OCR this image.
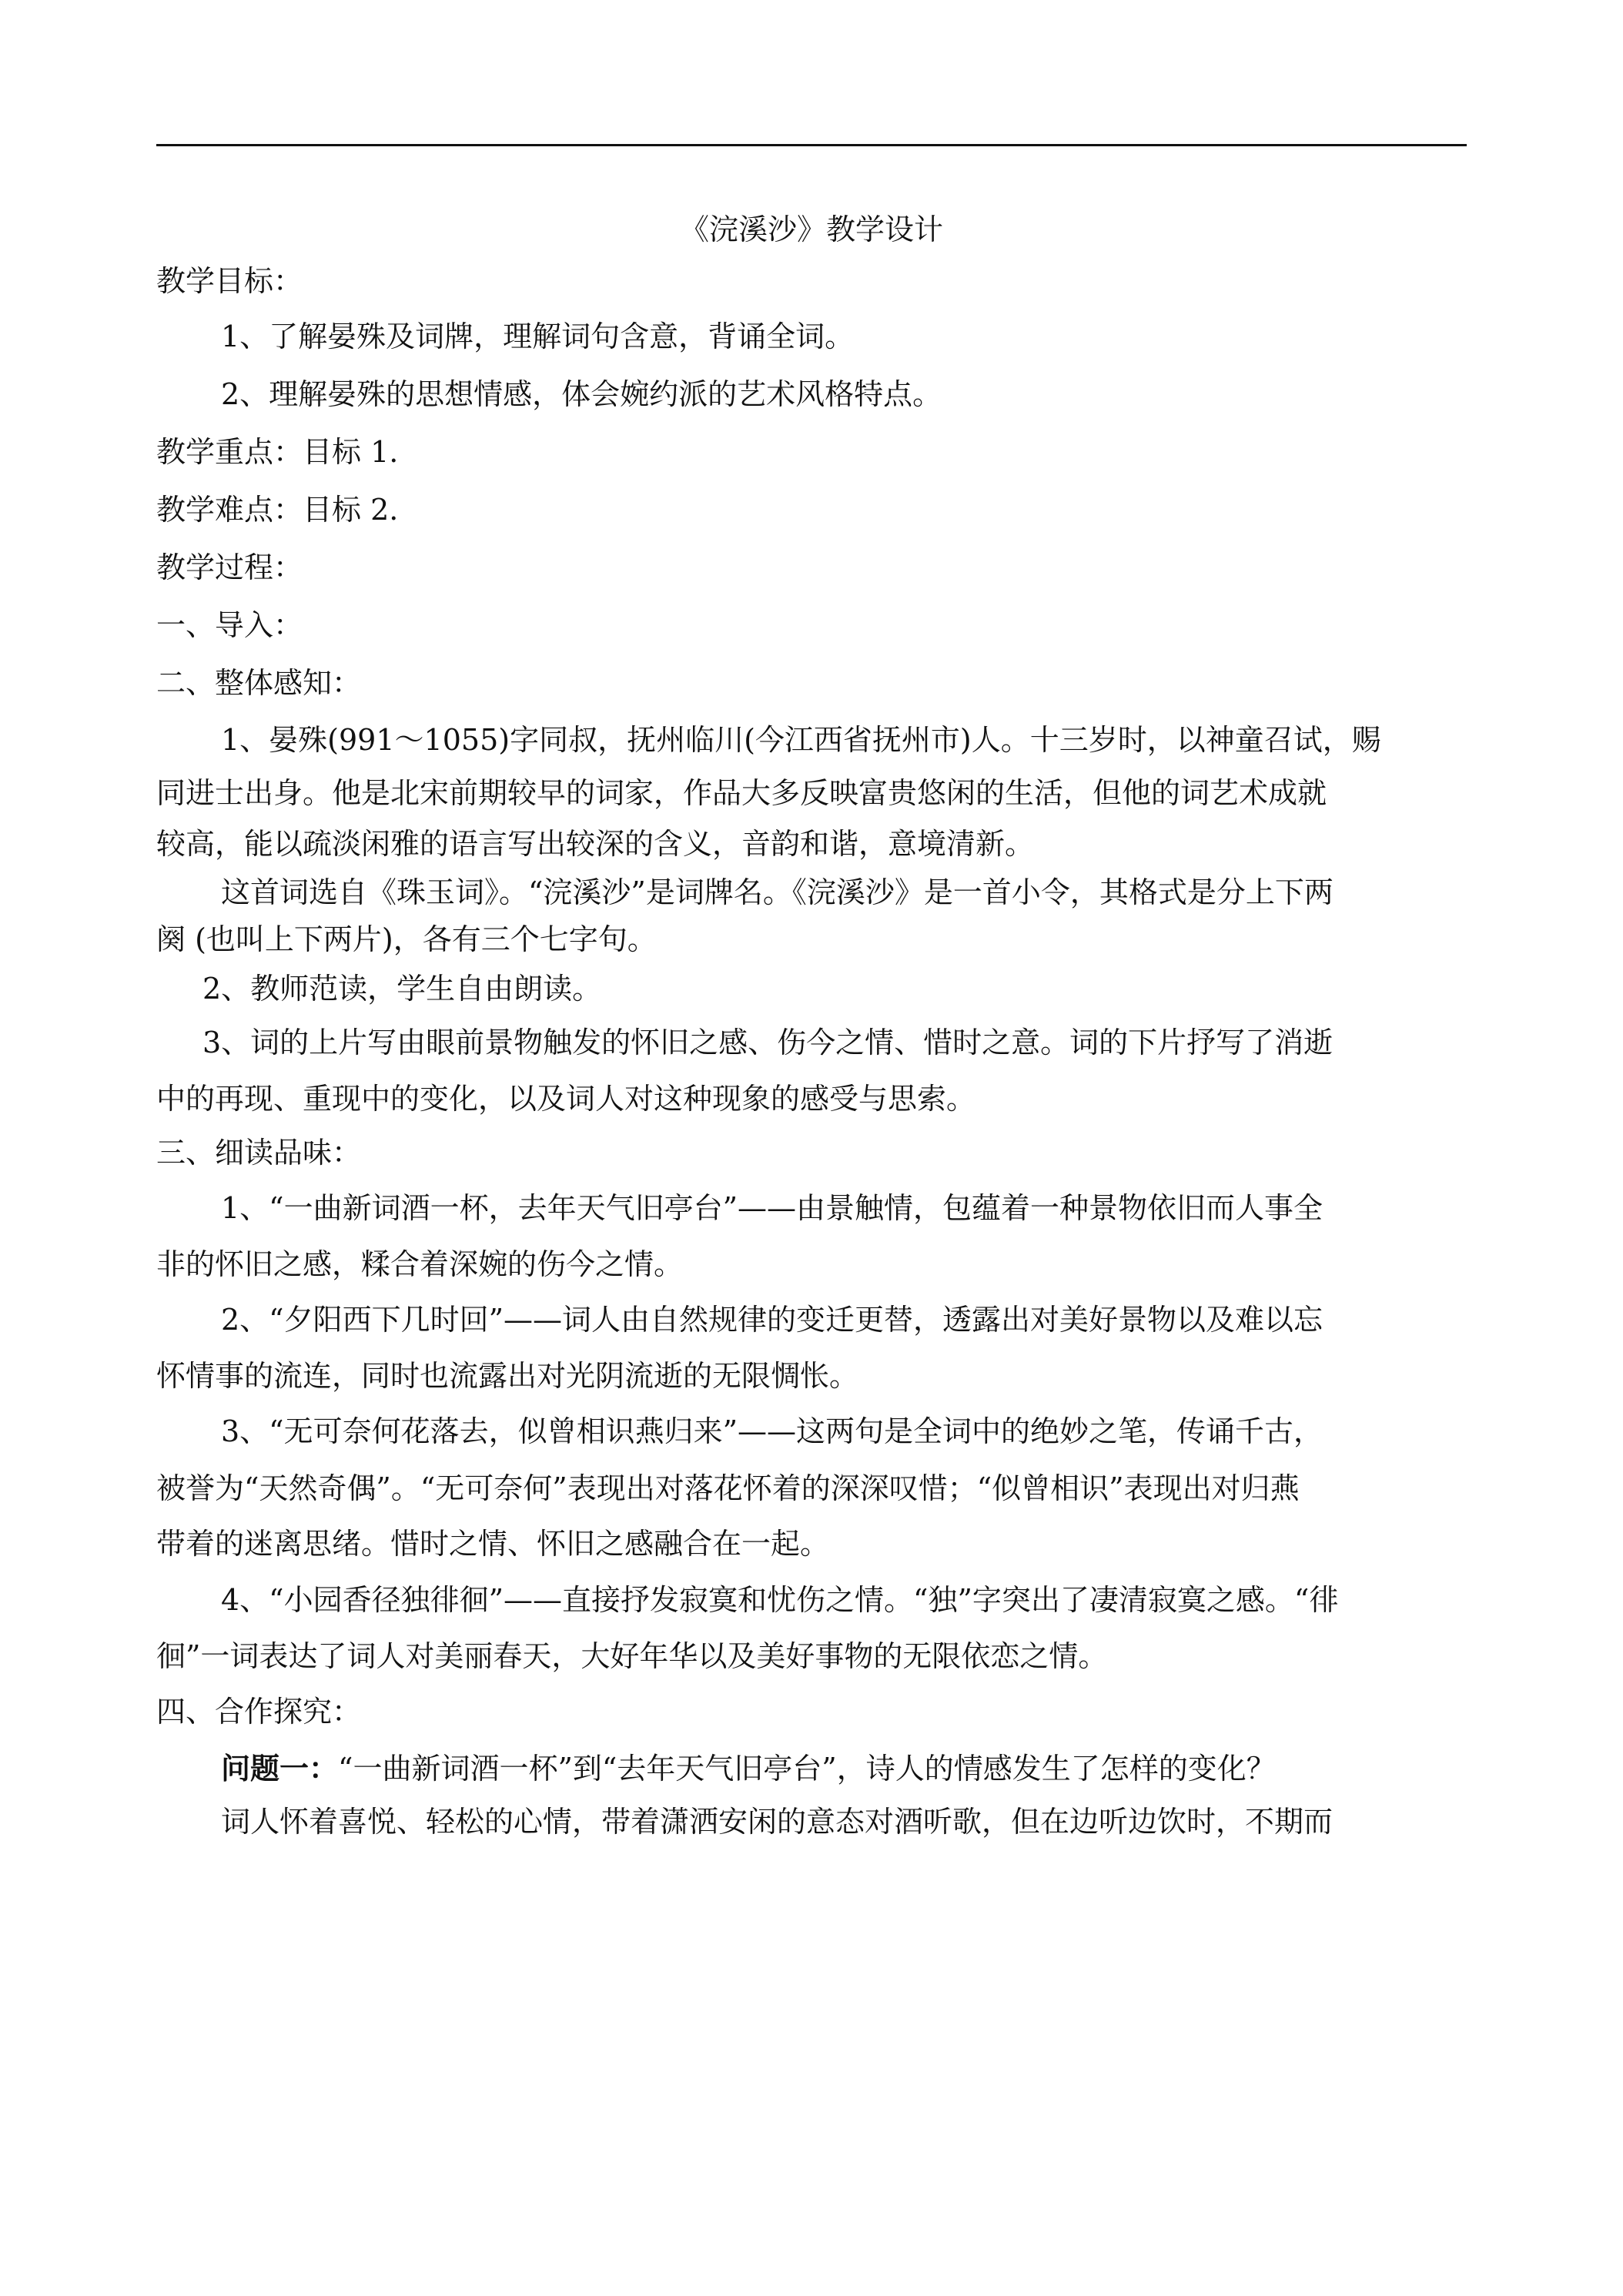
《浣溪沙》教学设计

教学目标：

1、了解晏殊及词牌，理解词句含意，背诵全词。

2、理解晏殊的思想情感，体会婉约派的艺术风格特点。

教学重点：目标 1.

教学难点：目标 2.

教学过程：

一、导入：

二、整体感知：

1、晏殊(991～1055)字同叔，抚州临川(今江西省抚州市)人。十三岁时，以神童召试，赐

同进士出身。他是北宋前期较早的词家，作品大多反映富贵悠闲的生活，但他的词艺术成就

较高，能以疏淡闲雅的语言写出较深的含义，音韵和谐，意境清新。

这首词选自《珠玉词》。“浣溪沙”是词牌名。《浣溪沙》是一首小令，其格式是分上下两

阕 (也叫上下两片)，各有三个七字句。

2、教师范读，学生自由朗读。

3、词的上片写由眼前景物触发的怀旧之感、伤今之情、惜时之意。词的下片抒写了消逝

中的再现、重现中的变化，以及词人对这种现象的感受与思索。

三、细读品味：

1、“一曲新词酒一杯，去年天气旧亭台”——由景触情，包蕴着一种景物依旧而人事全

非的怀旧之感，糅合着深婉的伤今之情。

2、“夕阳西下几时回”——词人由自然规律的变迁更替，透露出对美好景物以及难以忘

怀情事的流连，同时也流露出对光阴流逝的无限惆怅。

3、“无可奈何花落去，似曾相识燕归来”——这两句是全词中的绝妙之笔，传诵千古，

被誉为“天然奇偶”。“无可奈何”表现出对落花怀着的深深叹惜；“似曾相识”表现出对归燕

带着的迷离思绪。惜时之情、怀旧之感融合在一起。

4、“小园香径独徘徊”——直接抒发寂寞和忧伤之情。“独”字突出了凄清寂寞之感。“徘

徊”一词表达了词人对美丽春天，大好年华以及美好事物的无限依恋之情。

四、合作探究：

问题一：“一曲新词酒一杯”到“去年天气旧亭台”，诗人的情感发生了怎样的变化？

词人怀着喜悦、轻松的心情，带着潇洒安闲的意态对酒听歌，但在边听边饮时，不期而
